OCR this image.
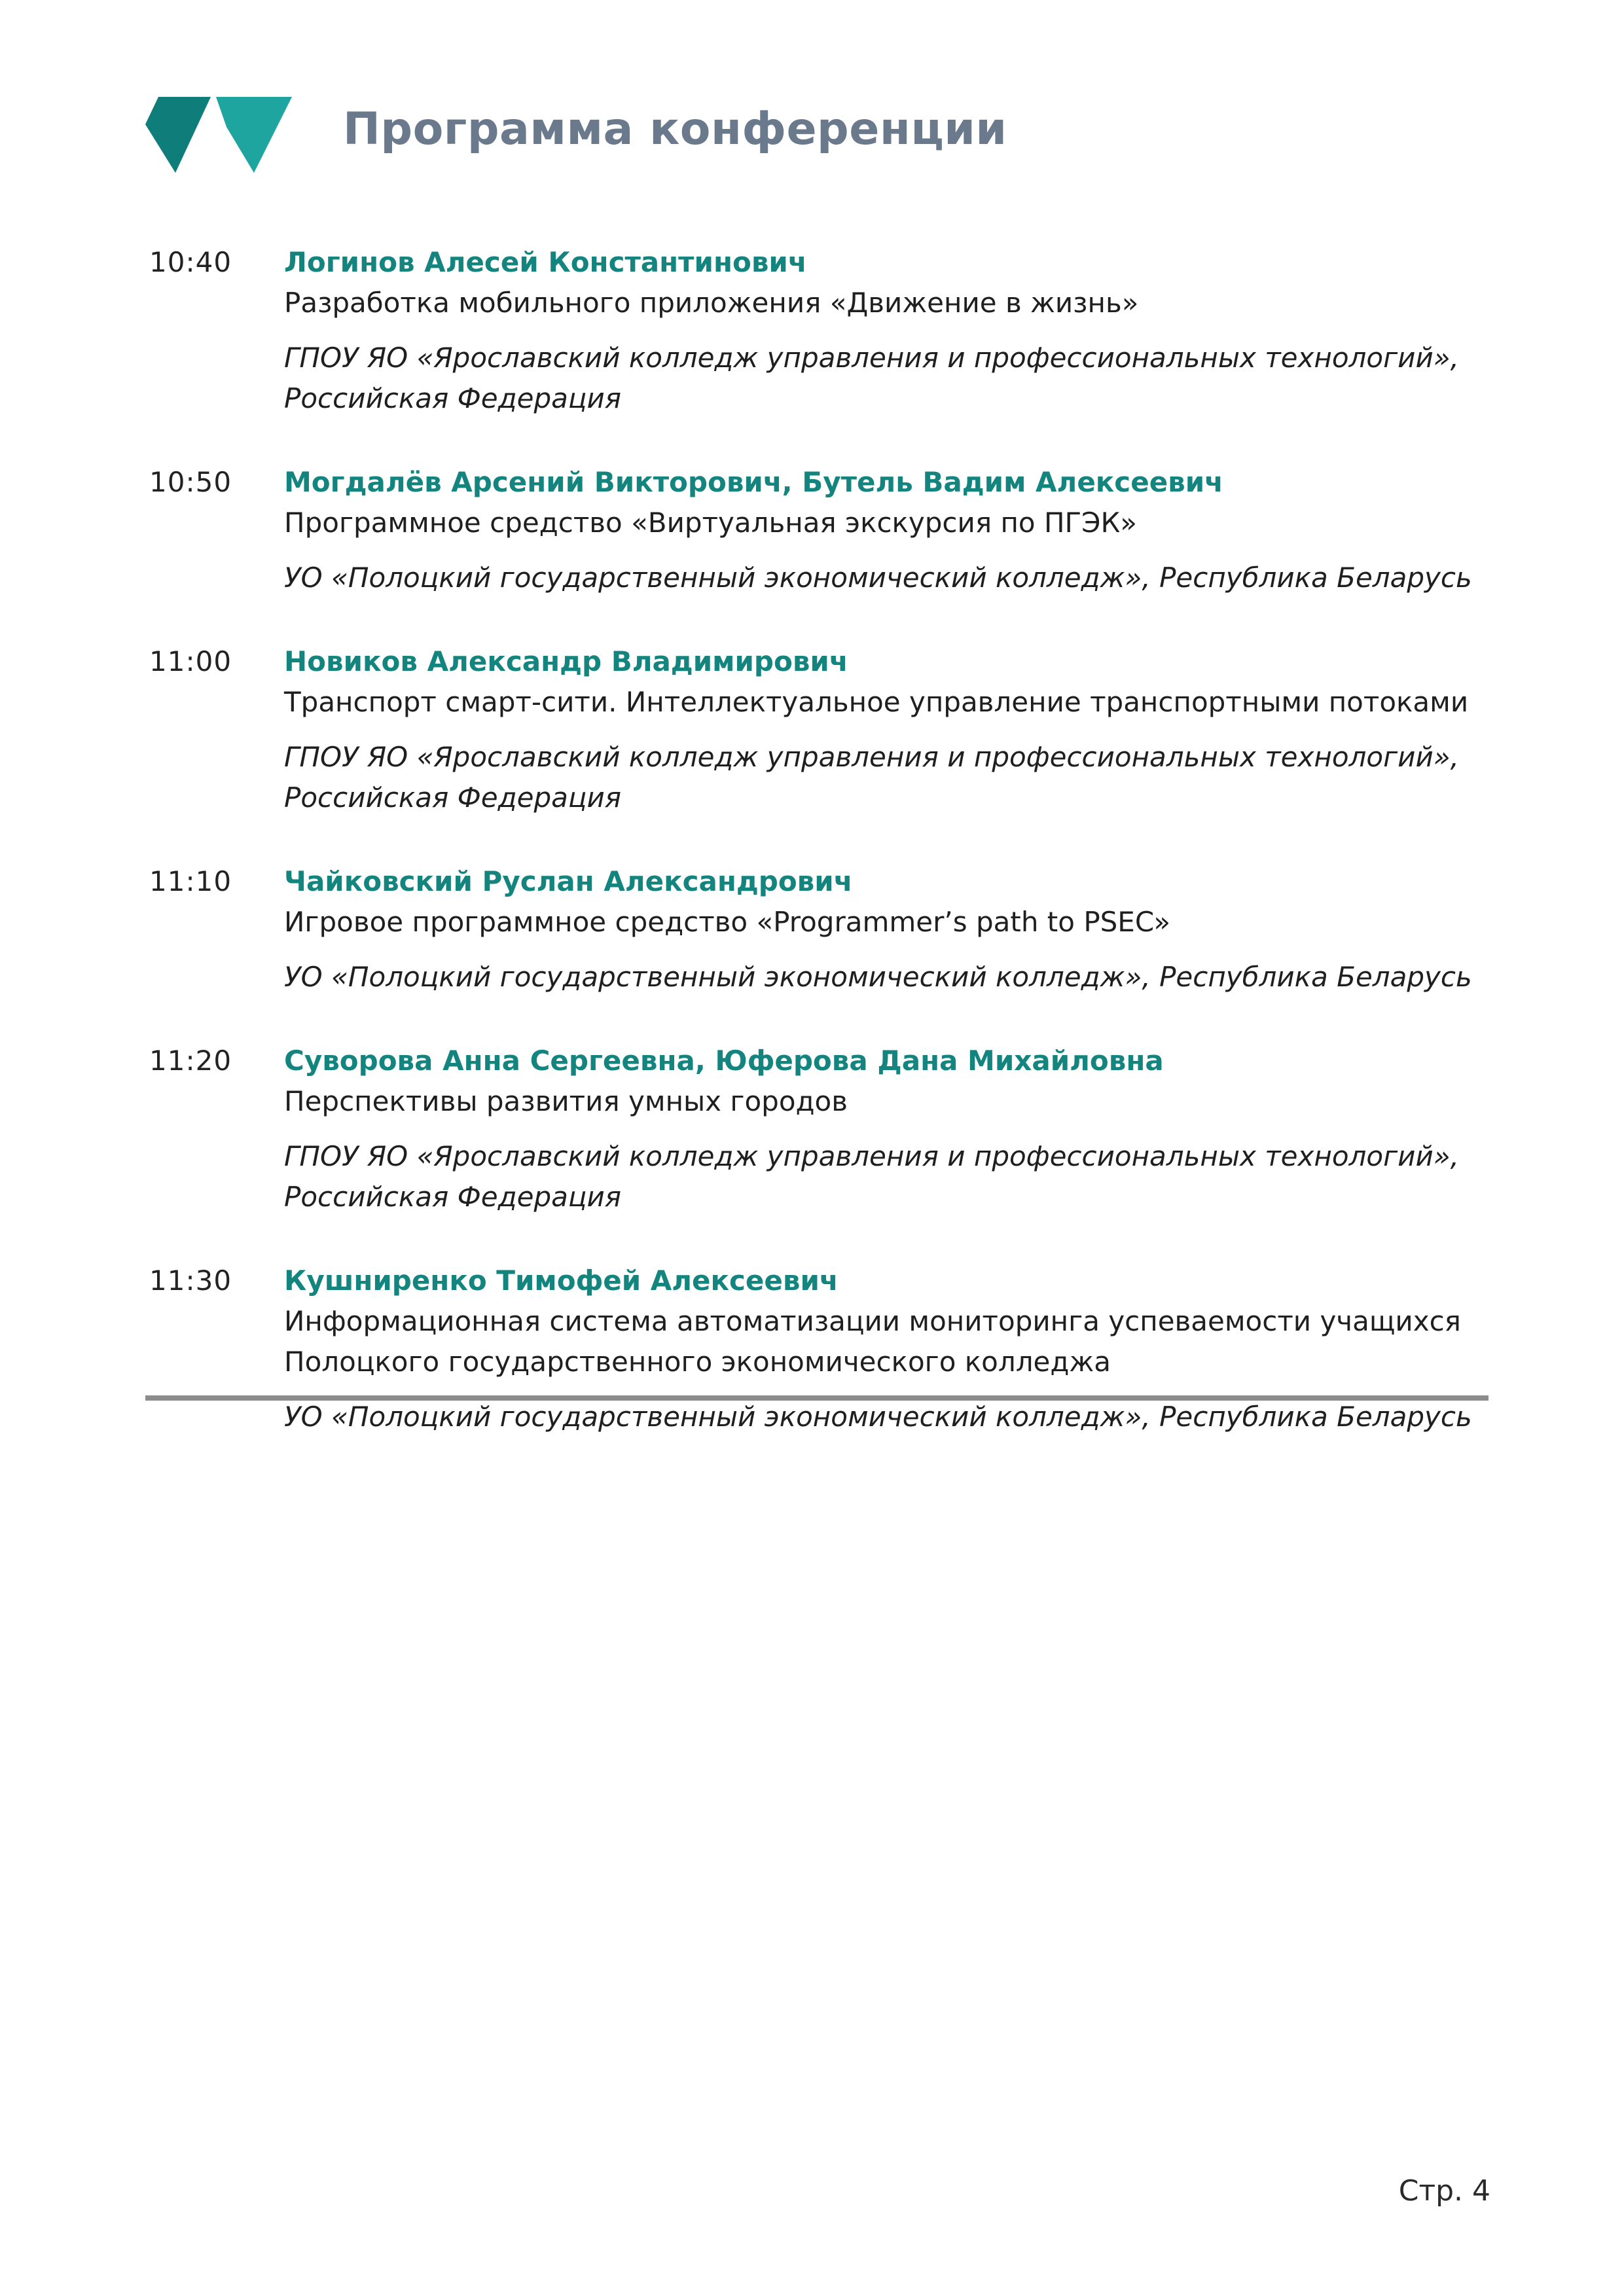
Программа конференции
10:40 Логинов Алесей Константинович
Разработка мобильного приложения «Движение в жизнь»
ГПОУ ЯО «Ярославский колледж управления и профессиональных технологий»,
Российская Федерация
10:50 Могдалёв Арсений Викторович, Бутель Вадим Алексеевич
Программное средство «Виртуальная экскурсия по ПГЭК»
УО «Полоцкий государственный экономический колледж», Республика Беларусь
11:00 Новиков Александр Владимирович
Транспорт смарт-сити. Интеллектуальное управление транспортными потоками
ГПОУ ЯО «Ярославский колледж управления и профессиональных технологий»,
Российская Федерация
11:10 Чайковский Руслан Александрович
Игровое программное средство «Programmer’s path to PSEC»
УО «Полоцкий государственный экономический колледж», Республика Беларусь
11:20 Суворова Анна Сергеевна, Юферова Дана Михайловна
Перспективы развития умных городов
ГПОУ ЯО «Ярославский колледж управления и профессиональных технологий»,
Российская Федерация
11:30 Кушниренко Тимофей Алексеевич
Информационная система автоматизации мониторинга успеваемости учащихся
Полоцкого государственного экономического колледжа
УО «Полоцкий государственный экономический колледж», Республика Беларусь
Стр. 4
